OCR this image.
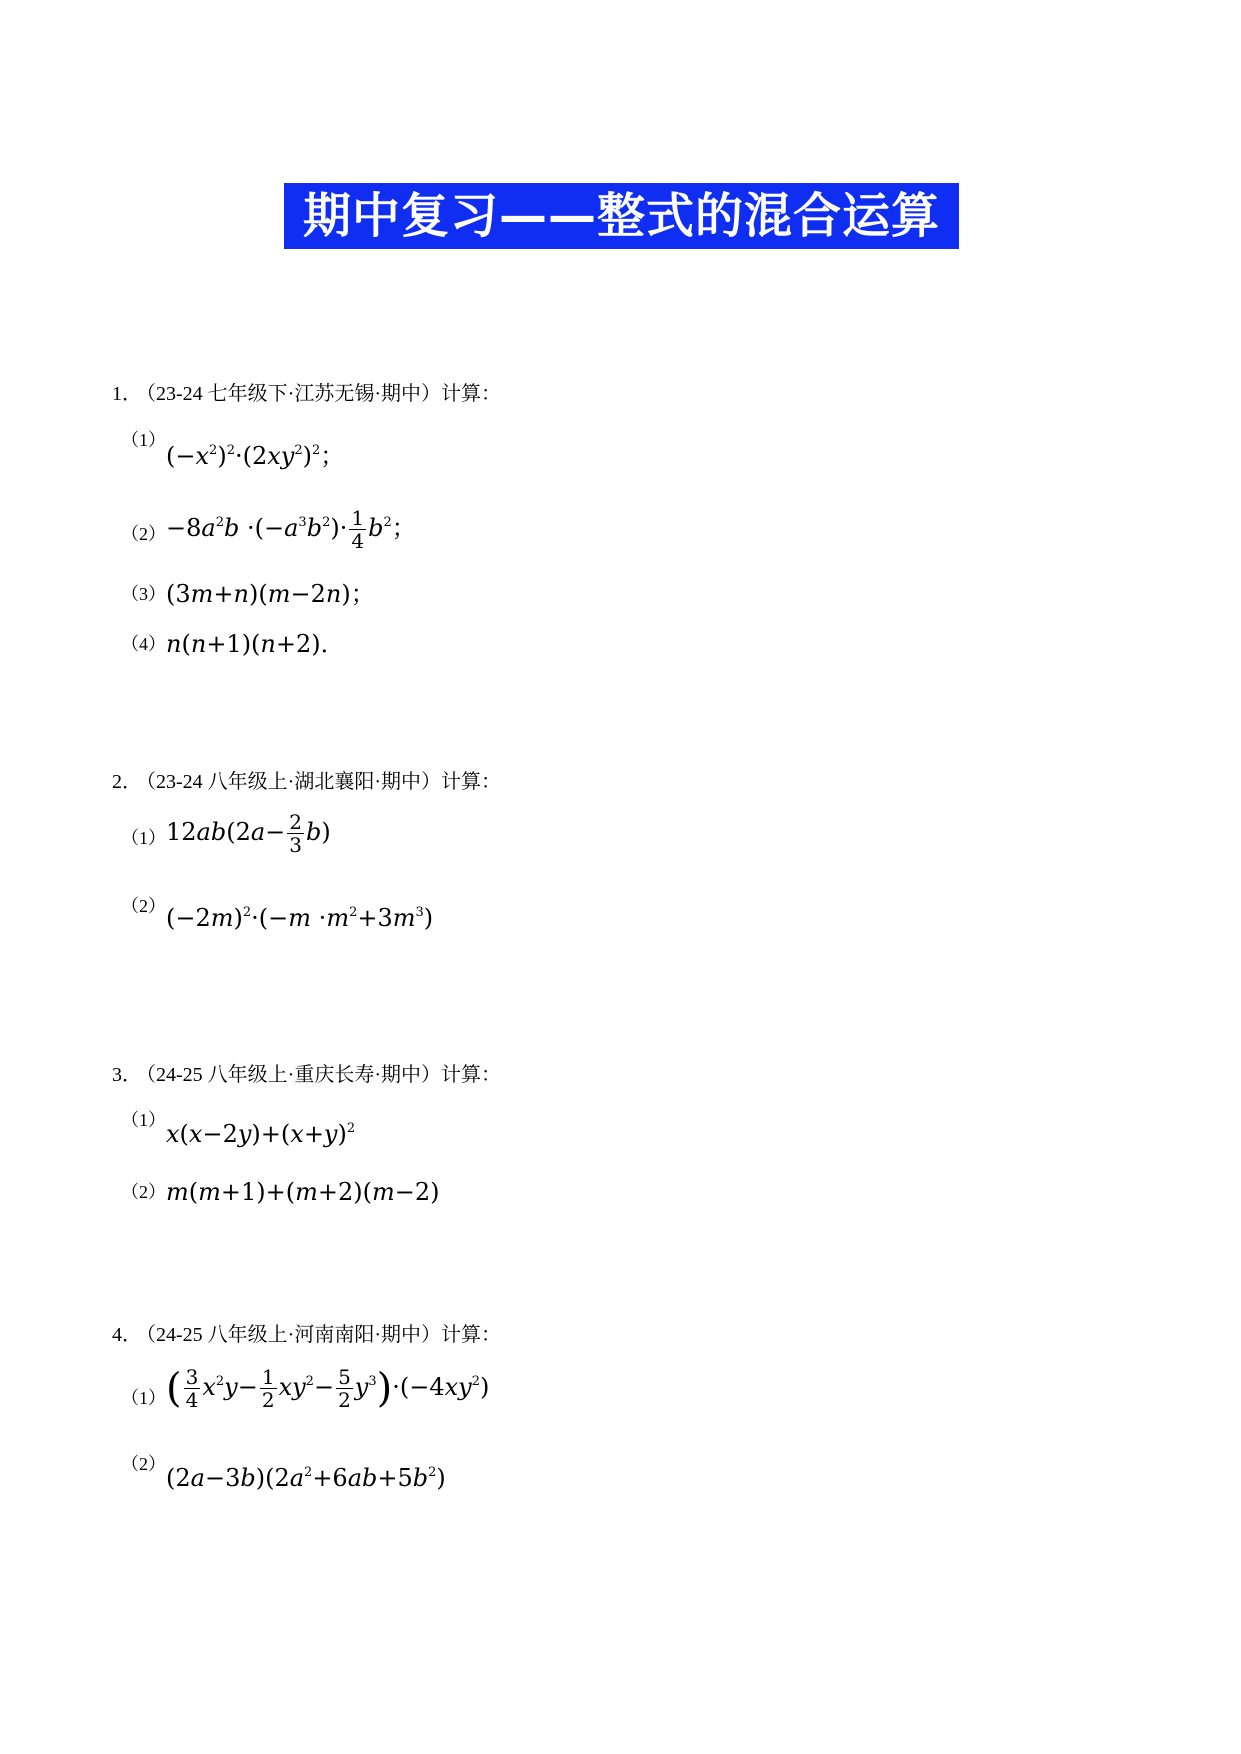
期中复习——整式的混合运算
1．（23-24 七年级下·江苏无锡·期中）计算：
（1）
$(-x^2)^2\cdot(2xy^2)^2$；
$(2) -8a^2b \cdot(-a^3b^2)\cdot \frac{1}{4} b^2$；
（3） (3m+n)(m−2n)；
（4） n(n+1)(n+2)．
2．（23-24 八年级上·湖北襄阳·期中）计算：
（1） $12ab(2a- \frac{2}{3} b)$
（2） $(-2m)^2\cdot(-m \cdot m^2+3m^3)$
3．（24-25 八年级上·重庆长寿·期中）计算：
（1） $x(x-2y)+(x+y)^2$
（2） m(m+1)+(m+2)(m−2)
4．（24-25 八年级上·河南南阳·期中）计算：
（1） ( $\frac{3}{4} x^2y- \frac{1}{2} xy^2- \frac{5}{2} y^3)\cdot(-4xy^2)$
（2） $(2a-3b)(2a^2+6ab+5b^2)$
